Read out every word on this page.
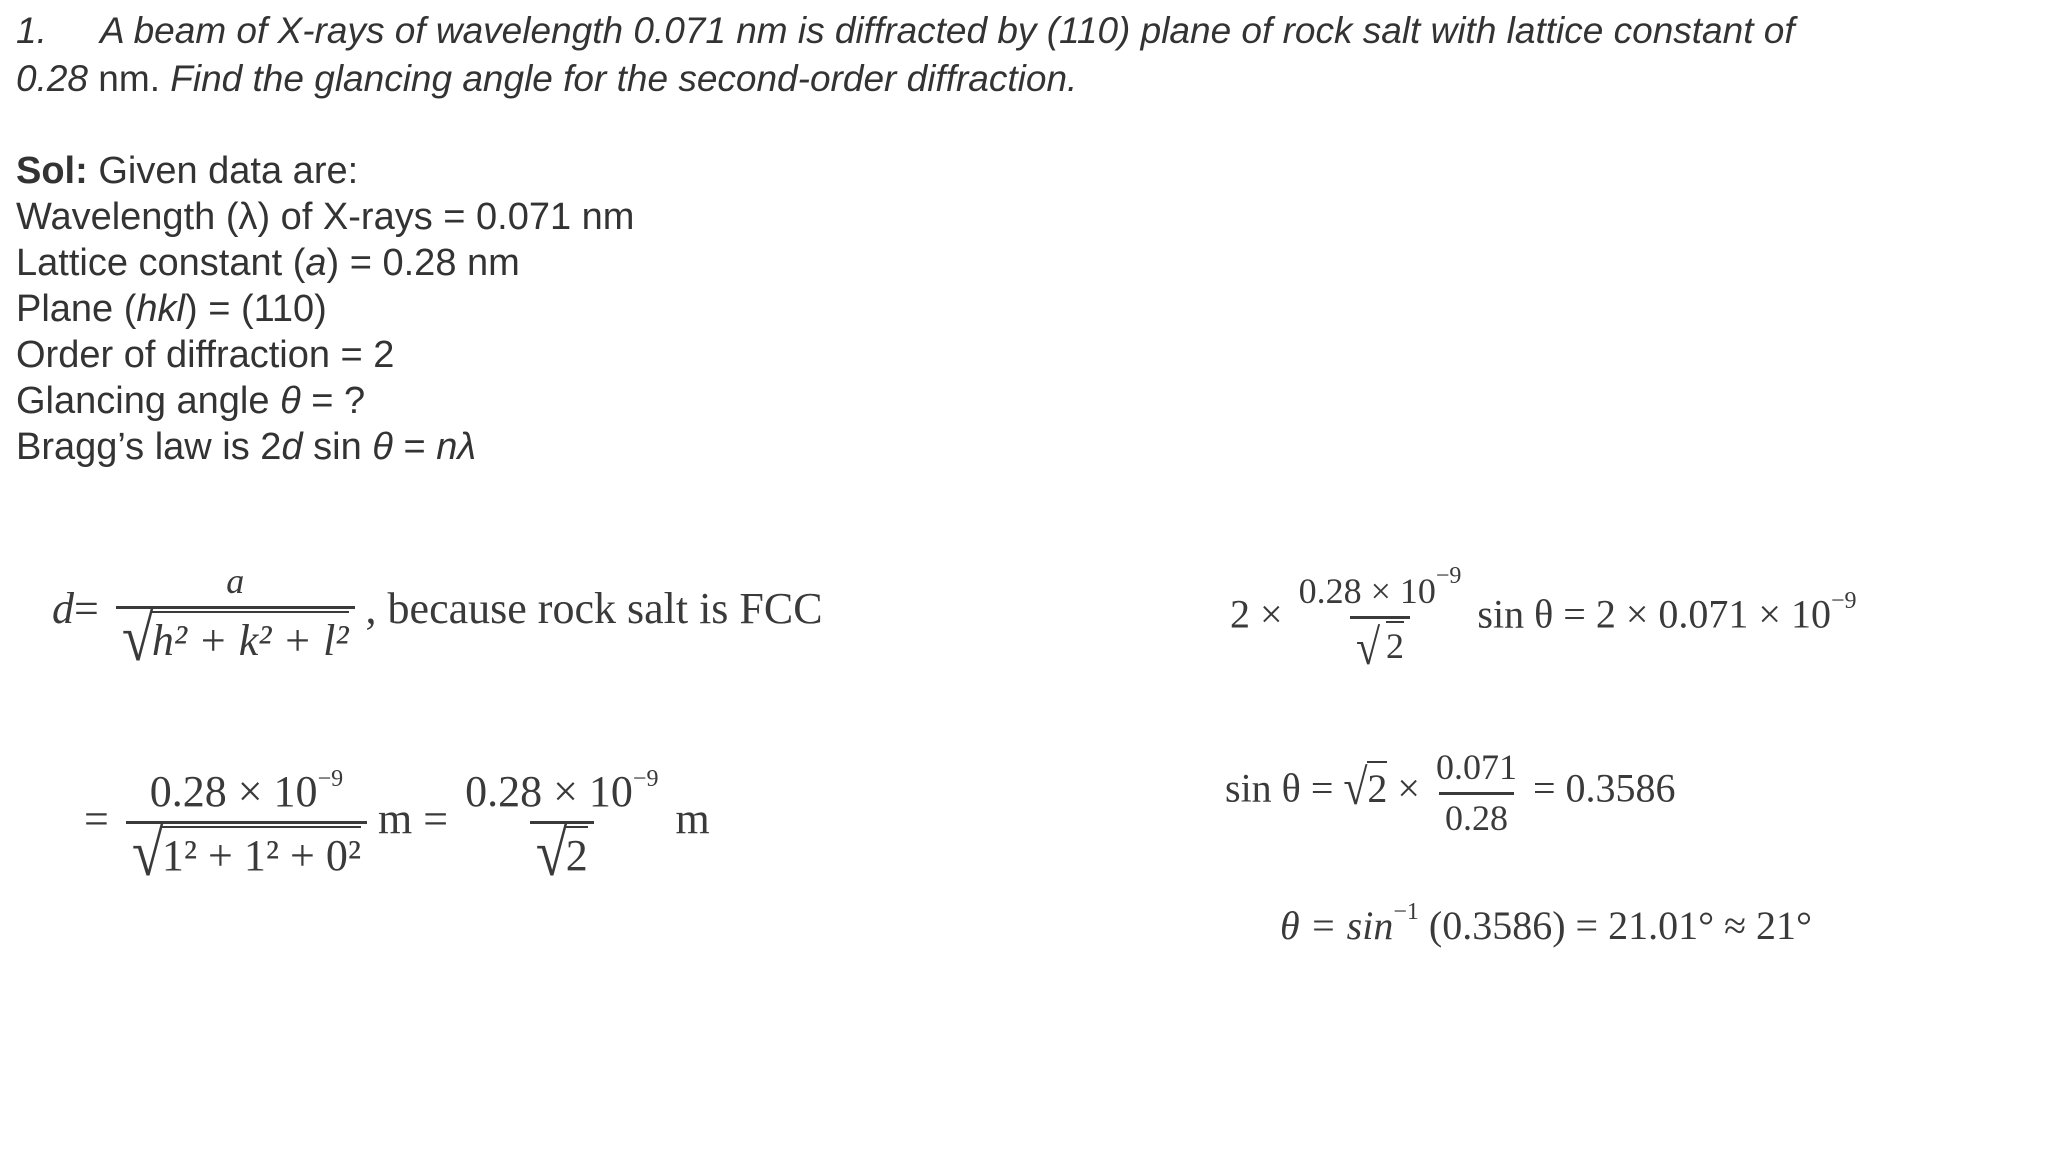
1. A beam of X-rays of wavelength 0.071 nm is diffracted by (110) plane of rock salt with lattice constant of
0.28 nm. Find the glancing angle for the second-order diffraction.
Sol: Given data are:
Wavelength (λ) of X-rays = 0.071 nm
Lattice constant (a) = 0.28 nm
Plane (hkl) = (110)
Order of diffraction = 2
Glancing angle θ = ?
Bragg’s law is 2d sin θ = nλ
d= a
√
h² + k² + l² , because rock salt is FCC
= $0.28 \times 10^{-9}$
√
1² + 1² + 0² $m = 0.28 \times 10^{-9}$
√
2 m
$2 \times \frac{0.28 \times 10^{-9}}{√ 2}$ $\sin \theta = 2 \times 0.071 \times 10^{-9}$
sin θ = √ $2 \times \frac{0.071}{0.28} = 0.3586$
$\theta = \sin^{-1} (0.3586) = 21.01^\circ \approx 21^\circ$
